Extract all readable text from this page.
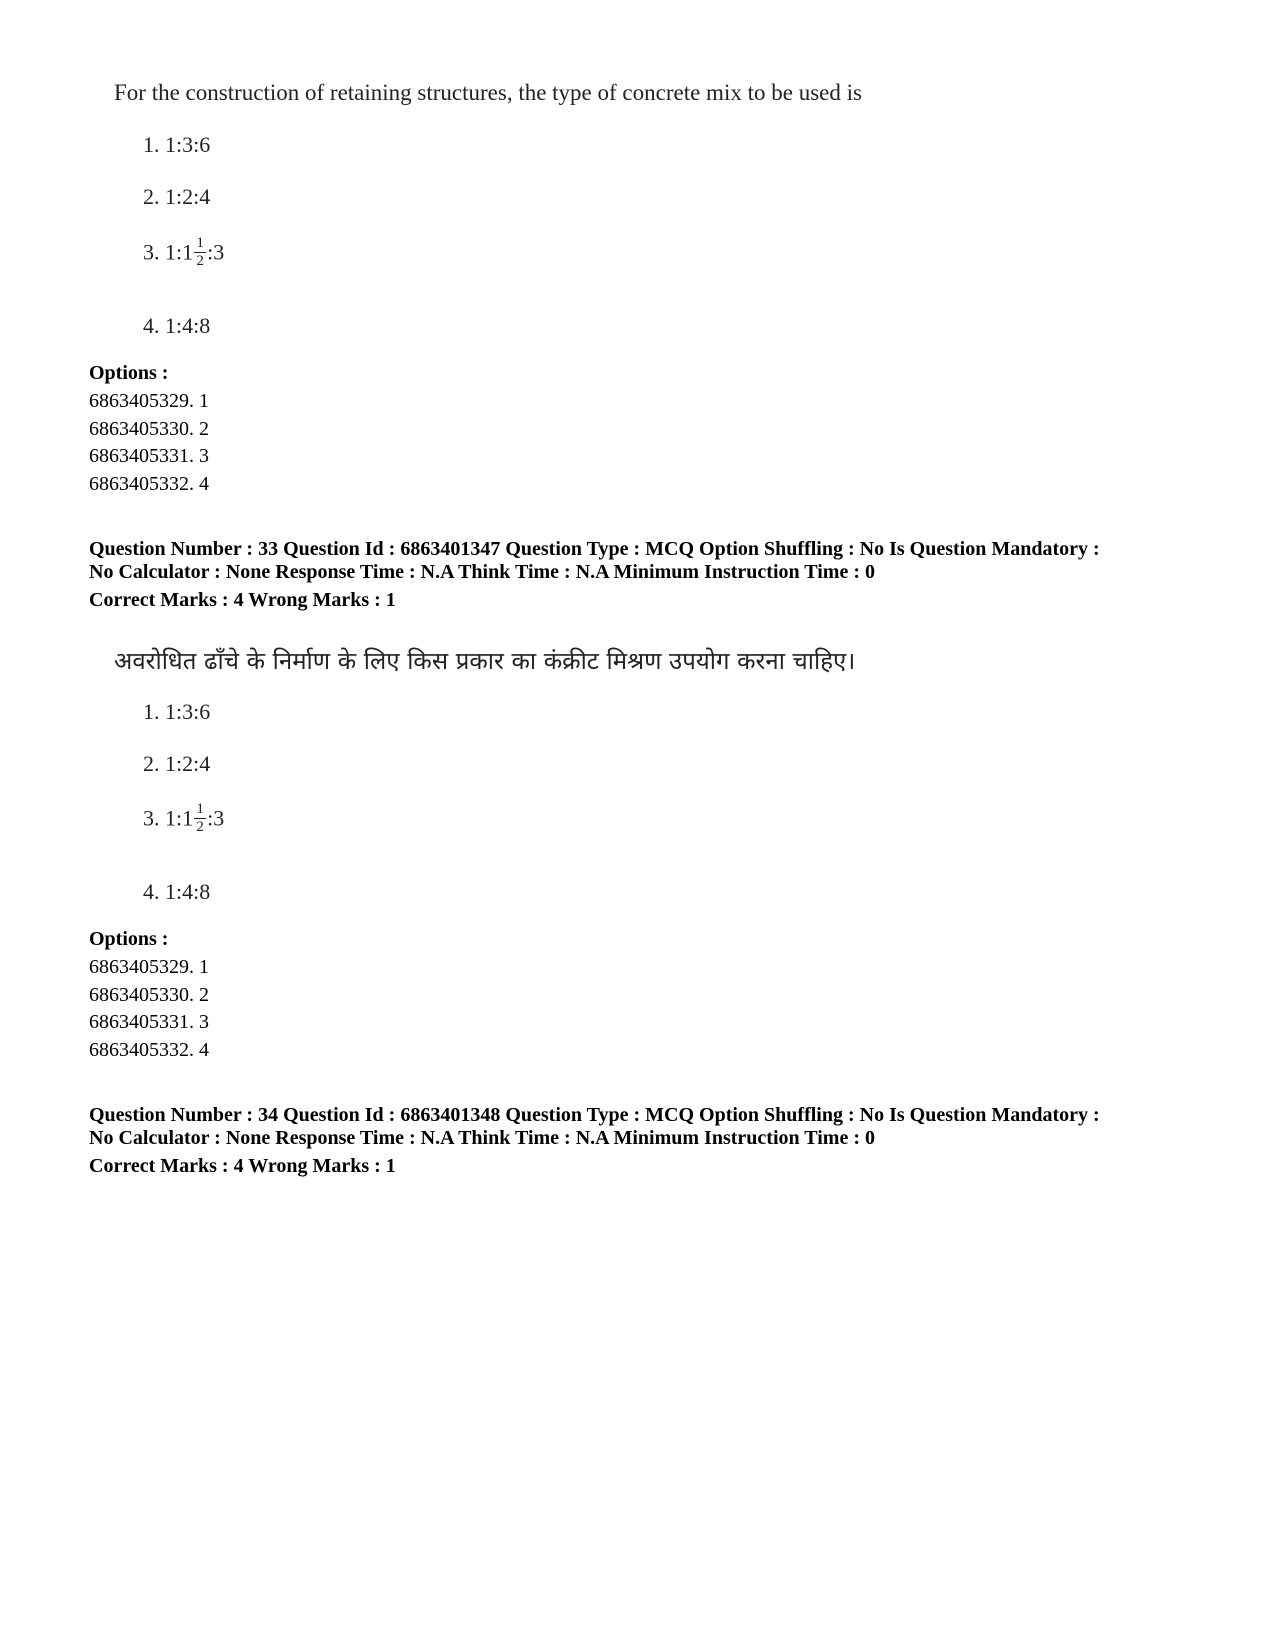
For the construction of retaining structures, the type of concrete mix to be used is
1. 1:3:6
2. 1:2:4
3. 1:1 $\frac{1}{2}$ :3
4. 1:4:8
Options :
6863405329. 1
6863405330. 2
6863405331. 3
6863405332. 4
Question Number : 33 Question Id : 6863401347 Question Type : MCQ Option Shuffling : No Is Question Mandatory :
No Calculator : None Response Time : N.A Think Time : N.A Minimum Instruction Time : 0
Correct Marks : 4 Wrong Marks : 1
अवरोधित ढाँचे के निर्माण के लिए किस प्रकार का कंक्रीट मिश्रण उपयोग करना चाहिए।
1. 1:3:6
2. 1:2:4
3. 1:1 $\frac{1}{2}$ :3
4. 1:4:8
Options :
6863405329. 1
6863405330. 2
6863405331. 3
6863405332. 4
Question Number : 34 Question Id : 6863401348 Question Type : MCQ Option Shuffling : No Is Question Mandatory :
No Calculator : None Response Time : N.A Think Time : N.A Minimum Instruction Time : 0
Correct Marks : 4 Wrong Marks : 1
